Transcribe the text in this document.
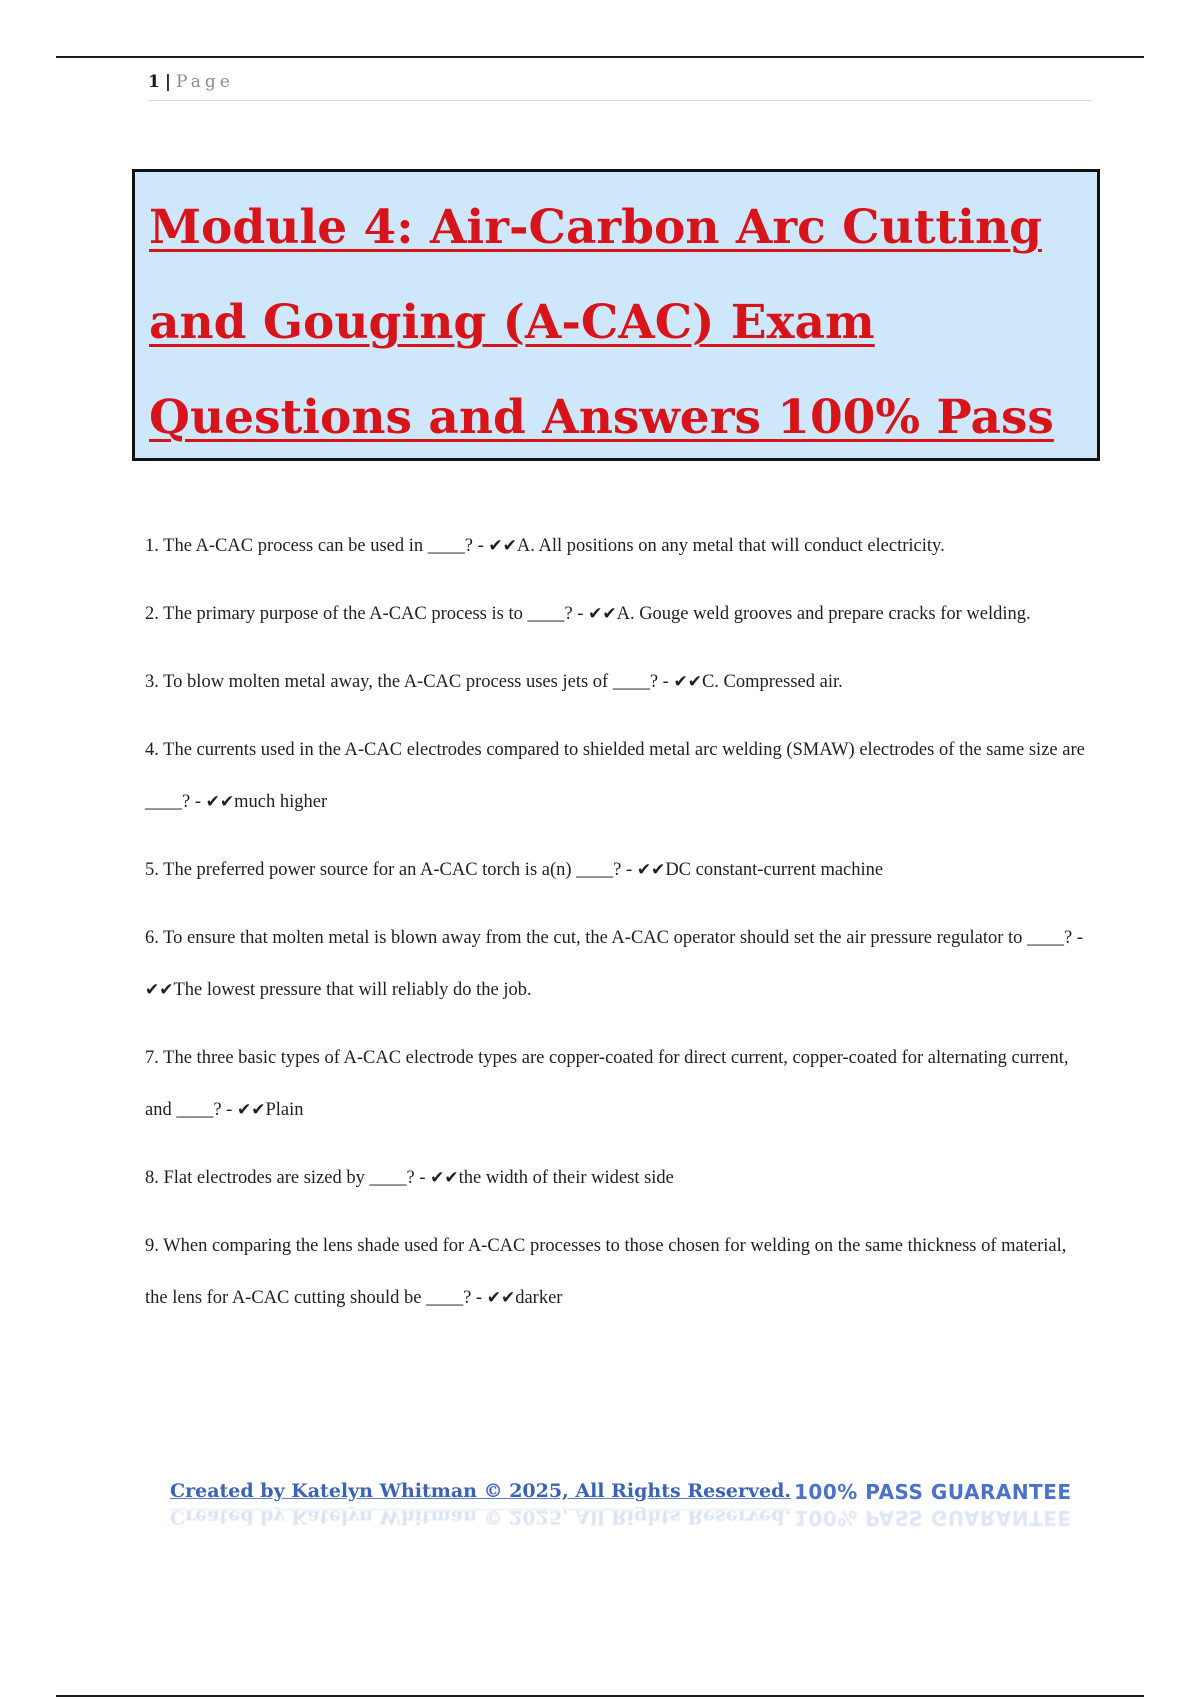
1 | Page
Module 4: Air-Carbon Arc Cutting and Gouging (A-CAC) Exam Questions and Answers 100% Pass
1. The A-CAC process can be used in ____? - ✔✔A. All positions on any metal that will conduct electricity.
2. The primary purpose of the A-CAC process is to ____? - ✔✔A. Gouge weld grooves and prepare cracks for welding.
3. To blow molten metal away, the A-CAC process uses jets of ____? - ✔✔C. Compressed air.
4. The currents used in the A-CAC electrodes compared to shielded metal arc welding (SMAW) electrodes of the same size are ____? - ✔✔much higher
5. The preferred power source for an A-CAC torch is a(n) ____? - ✔✔DC constant-current machine
6. To ensure that molten metal is blown away from the cut, the A-CAC operator should set the air pressure regulator to ____? - ✔✔The lowest pressure that will reliably do the job.
7. The three basic types of A-CAC electrode types are copper-coated for direct current, copper-coated for alternating current, and ____? - ✔✔Plain
8. Flat electrodes are sized by ____? - ✔✔the width of their widest side
9. When comparing the lens shade used for A-CAC processes to those chosen for welding on the same thickness of material, the lens for A-CAC cutting should be ____? - ✔✔darker
Created by Katelyn Whitman © 2025, All Rights Reserved.
Created by Katelyn Whitman © 2025, All Rights Reserved.
100% PASS GUARANTEE
100% PASS GUARANTEE
